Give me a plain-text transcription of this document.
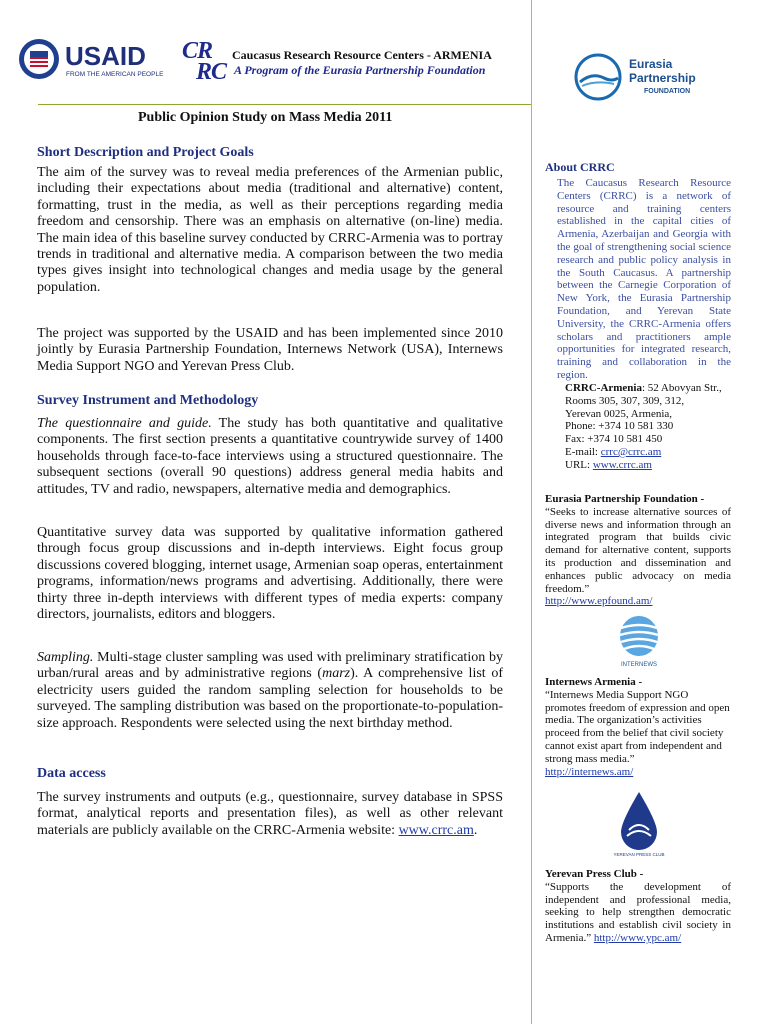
USAID
FROM THE AMERICAN PEOPLE
CR
RC
Caucasus Research Resource Centers - ARMENIA
A Program of the Eurasia Partnership Foundation	Eurasia
Partnership
FOUNDATION
Public Opinion Study on Mass Media 2011
Short Description and Project Goals

The aim of the survey was to reveal media preferences of the Armenian public, including their expectations about media (traditional and alternative) content, formatting, trust in the media, as well as their perceptions regarding media freedom and censorship. There was an emphasis on alternative (on-line) media. The main idea of this baseline survey conducted by CRRC-Armenia was to portray trends in traditional and alternative media. A comparison between the two media types gives insight into technological changes and media usage by the general population.

The project was supported by the USAID and has been implemented since 2010 jointly by Eurasia Partnership Foundation, Internews Network (USA), Internews Media Support NGO and Yerevan Press Club.

Survey Instrument and Methodology

The questionnaire and guide. The study has both quantitative and qualitative components. The first section presents a quantitative countrywide survey of 1400 households through face-to-face interviews using a structured questionnaire. The subsequent sections (overall 90 questions) address general media habits and attitudes, TV and radio, newspapers, alternative media and demographics.

Quantitative survey data was supported by qualitative information gathered through focus group discussions and in-depth interviews. Eight focus group discussions covered blogging, internet usage, Armenian soap operas, entertainment programs, information/news programs and advertising. Additionally, there were thirty three in-depth interviews with different types of media experts: company directors, journalists, editors and bloggers.

Sampling. Multi-stage cluster sampling was used with preliminary stratification by urban/rural areas and by administrative regions (marz). A comprehensive list of electricity users guided the random sampling selection for households to be surveyed. The sampling distribution was based on the proportionate-to-population-size approach. Respondents were selected using the next birthday method.

Data access

The survey instruments and outputs (e.g., questionnaire, survey database in SPSS format, analytical reports and presentation files), as well as other relevant materials are publicly available on the CRRC-Armenia website: www.crrc.am.

About CRRC
The Caucasus Research Resource Centers (CRRC) is a network of resource and training centers established in the capital cities of Armenia, Azerbaijan and Georgia with the goal of strengthening social science research and public policy analysis in the South Caucasus. A partnership between the Carnegie Corporation of New York, the Eurasia Partnership Foundation, and Yerevan State University, the CRRC-Armenia offers scholars and practitioners ample opportunities for integrated research, training and collaboration in the region.
CRRC-Armenia: 52 Abovyan Str.,
Rooms 305, 307, 309, 312,
Yerevan 0025, Armenia,
Phone: +374 10 581 330
Fax: +374 10 581 450
E-mail: crrc@crrc.am
URL: www.crrc.am
Eurasia Partnership Foundation -
“Seeks to increase alternative sources of diverse news and information through an integrated program that builds civic demand for alternative content, supports its production and dissemination and enhances public advocacy on media freedom.”
http://www.epfound.am/
INTERNEWS
Internews Armenia -
“Internews Media Support NGO promotes freedom of expression and open media. The organization’s activities proceed from the belief that civil society cannot exist apart from independent and strong mass media.”
http://internews.am/
YEREVAN PRESS CLUB
Yerevan Press Club -
“Supports the development of independent and professional media, seeking to help strengthen democratic institutions and establish civil society in Armenia.” http://www.ypc.am/
